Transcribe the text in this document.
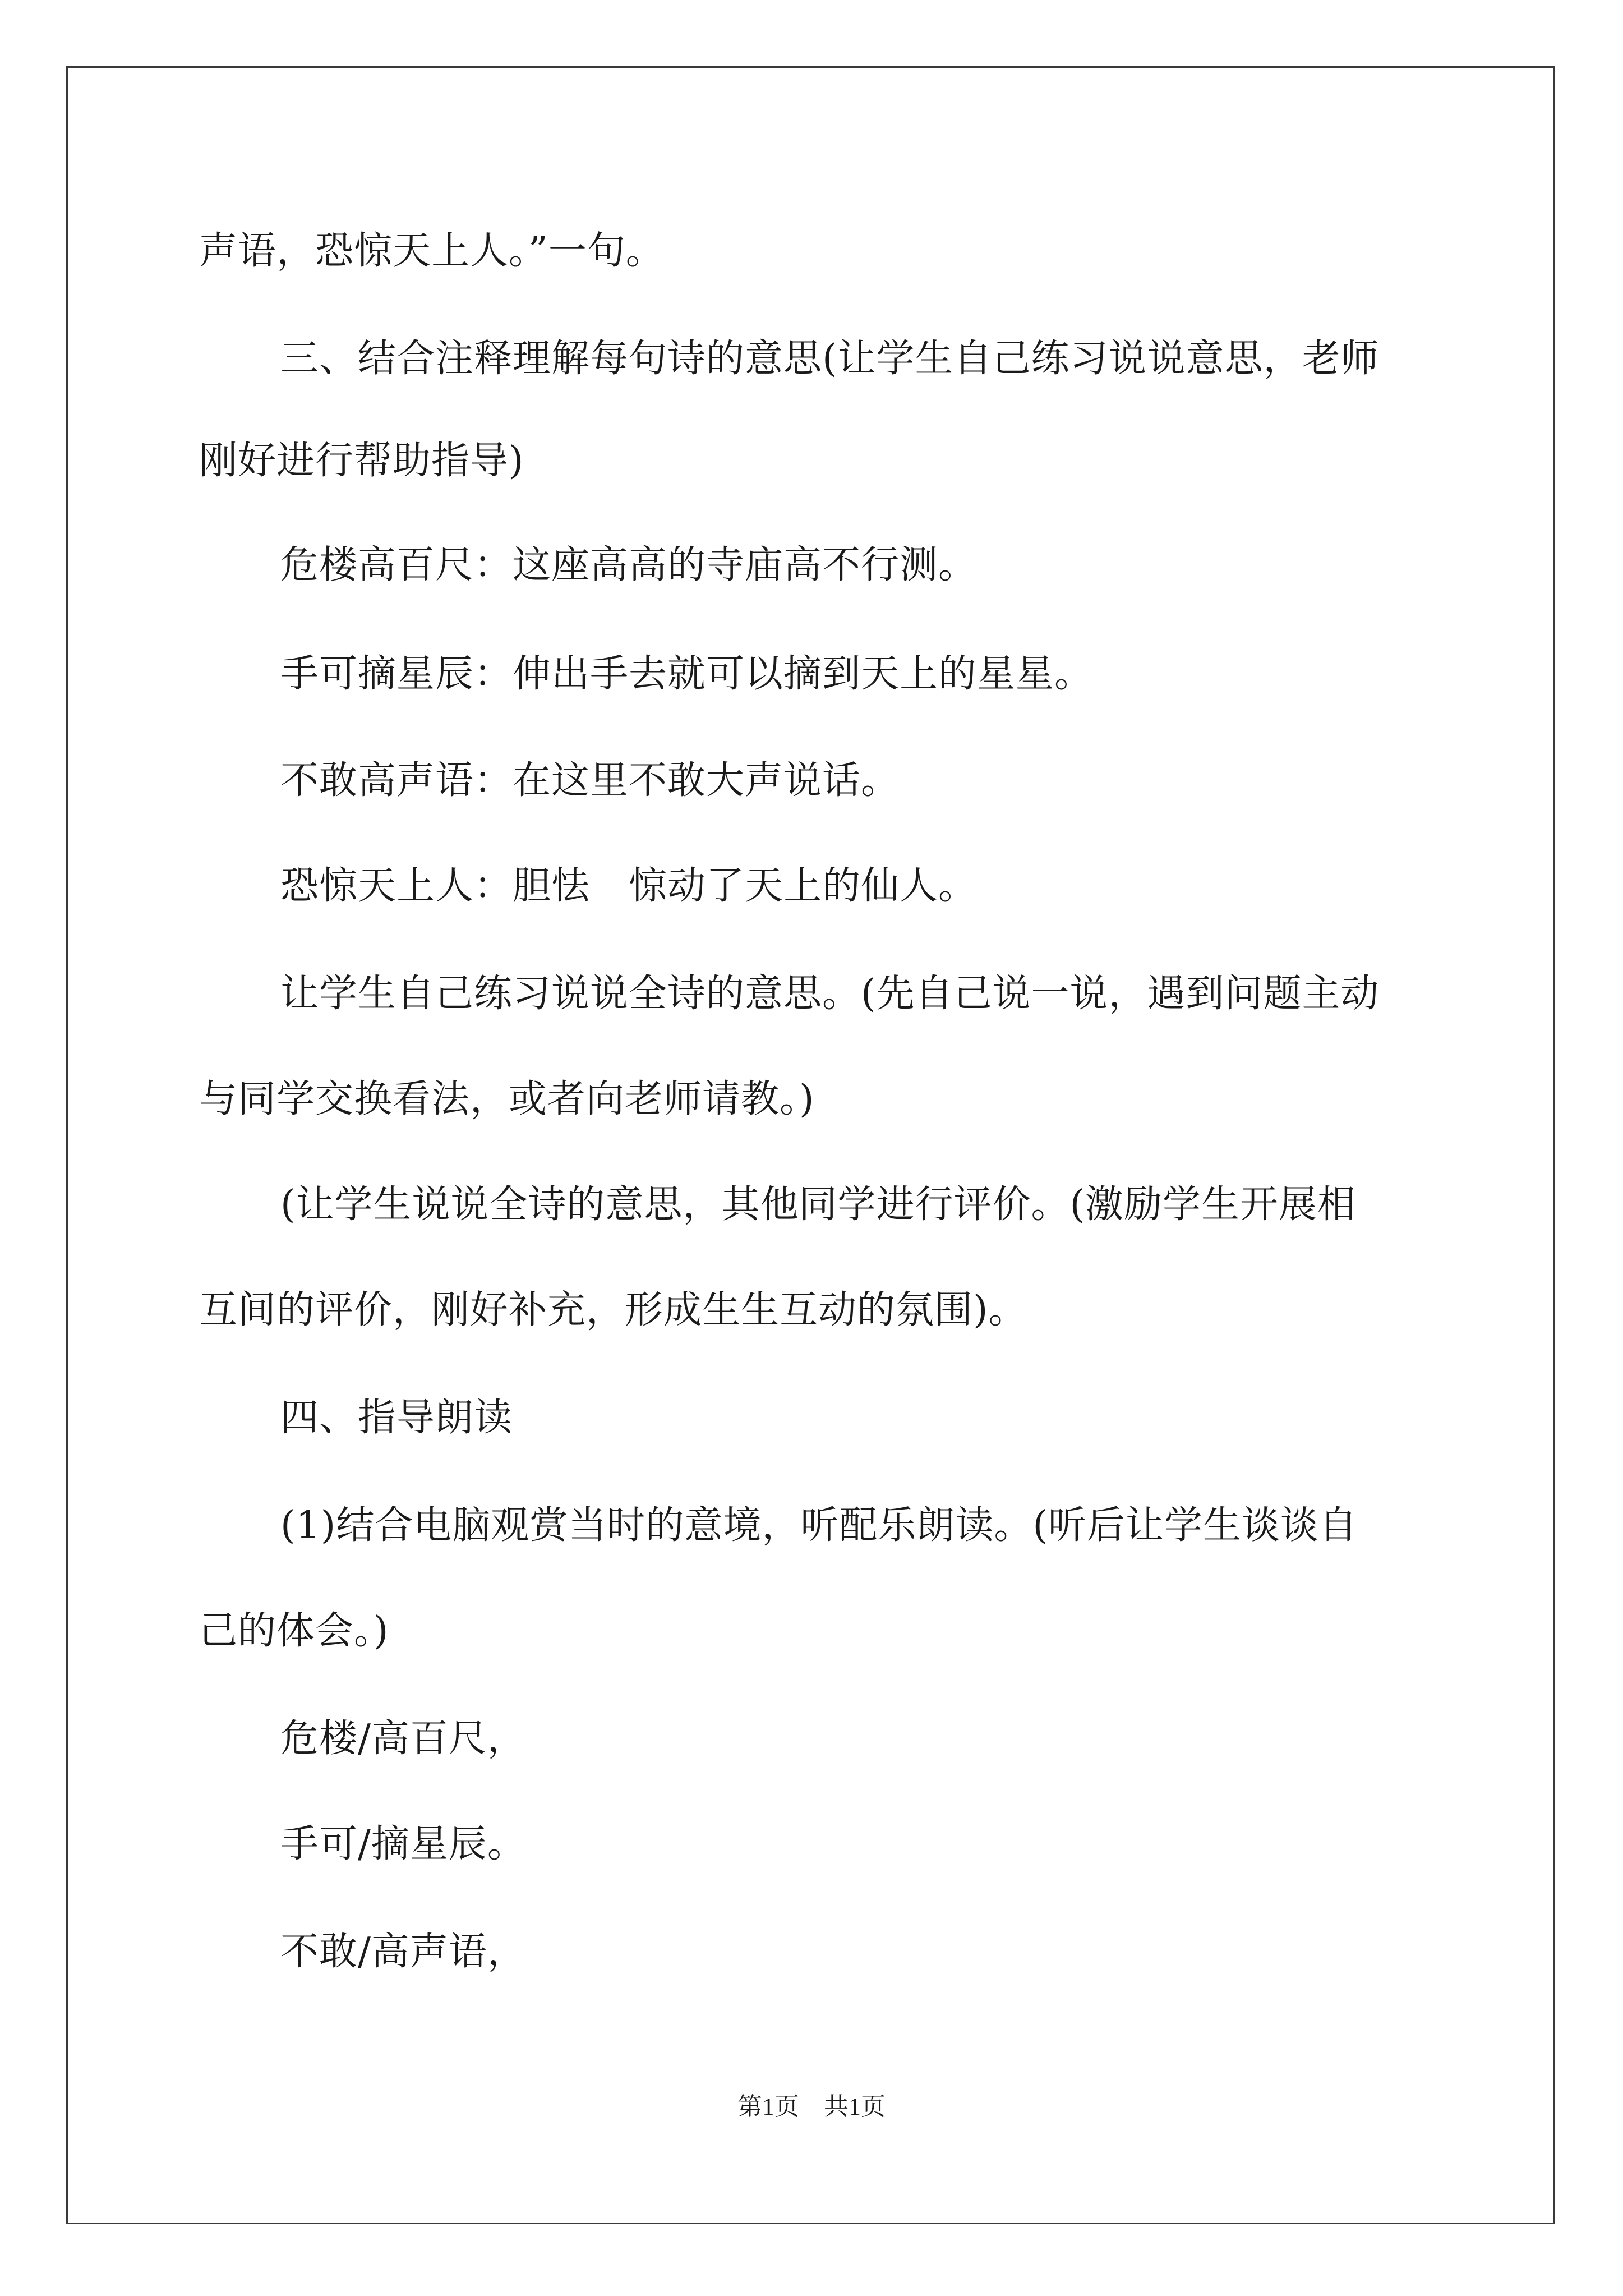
声语，恐惊天上人。”一句。
三、结合注释理解每句诗的意思(让学生自己练习说说意思，老师
刚好进行帮助指导)
危楼高百尺：这座高高的寺庙高不行测。
手可摘星辰：伸出手去就可以摘到天上的星星。
不敢高声语：在这里不敢大声说话。
恐惊天上人：胆怯　惊动了天上的仙人。
让学生自己练习说说全诗的意思。(先自己说一说，遇到问题主动
与同学交换看法，或者向老师请教。)
(让学生说说全诗的意思，其他同学进行评价。(激励学生开展相
互间的评价，刚好补充，形成生生互动的氛围)。
四、指导朗读
(1)结合电脑观赏当时的意境，听配乐朗读。(听后让学生谈谈自
己的体会。)
危楼/高百尺，
手可/摘星辰。
不敢/高声语，
第1页　共1页
